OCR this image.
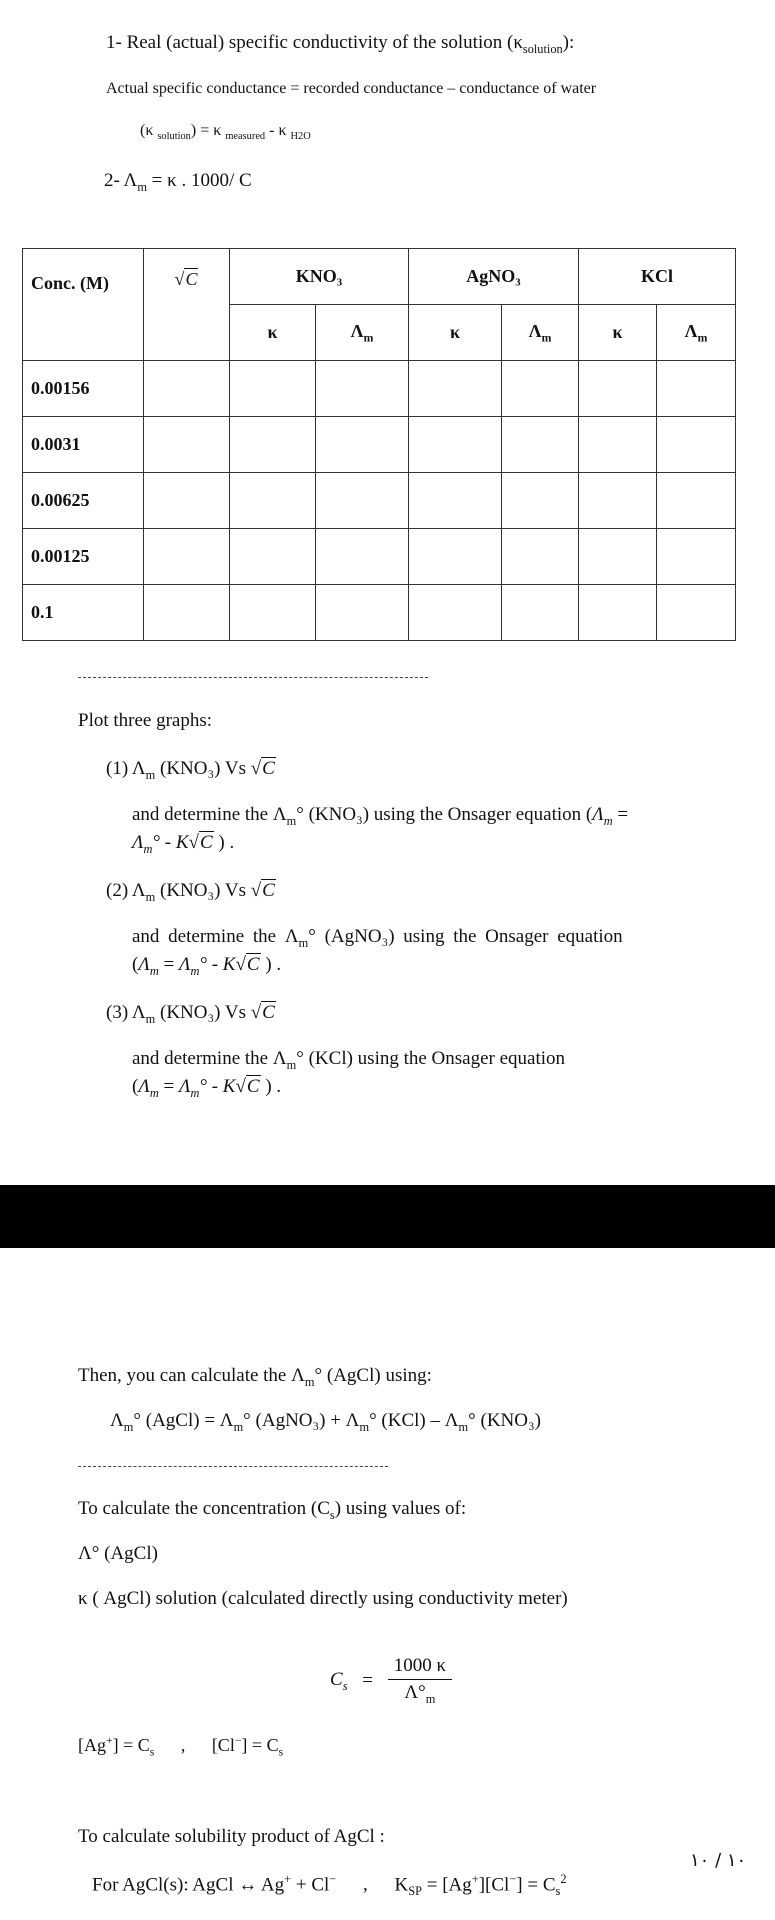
1- Real (actual) specific conductivity of the solution $(\kappa_{solution})$:
Actual specific conductance = recorded conductance – conductance of water
(κ $_{solution}$) = κ $_{measured}$ - κ $_{H2O}$
2- $\Lambda_m = \kappa$ . 1000/ C
Conc. (M)	√C	KNO₃		AgNO₃		KCl	
		κ	$\Lambda_m$	κ	$\Lambda_m$	κ	$\Lambda_m$
0.00156							
0.0031							
0.00625							
0.00125							
0.1							
Plot three graphs:
(1) $\Lambda_m$ (KNO₃) Vs √C
and determine the $\Lambda_m^\circ$ (KNO₃) using the Onsager equation ($\Lambda_m$ =
$\Lambda_m^\circ - K√C$ ) .
(2) $\Lambda_m$ (KNO₃) Vs √C
and determine the $\Lambda_m^\circ$ (AgNO₃) using the Onsager equation
($\Lambda_m = \Lambda_m^\circ - K√C$ ) .
(3) $\Lambda_m$ (KNO₃) Vs √C
and determine the $\Lambda_m^\circ$ (KCl) using the Onsager equation
($\Lambda_m = \Lambda_m^\circ - K√C$ ) .
Then, you can calculate the $\Lambda_m^\circ$ (AgCl) using:
$\Lambda_m^\circ$ (AgCl) = $\Lambda_m^\circ$ (AgNO₃) + $\Lambda_m^\circ$ $(KCl) - \Lambda_m^\circ$ (KNO₃)
To calculate the concentration $(C_s)$ using values of:
Λ° (AgCl)
κ ( AgCl) solution (calculated directly using conductivity meter)
$C_s = \frac{1000 \kappa}{\Lambda^\circ_m}$
$[Ag^+] = C_s$ , $[Cl^-] = C_s$
To calculate solubility product of AgCl :
For AgCl(s): AgCl ↔ Ag+ + Cl− , $K_{SP} = [Ag^+][Cl^-] = C_s^2$
١٠ / ١٠
